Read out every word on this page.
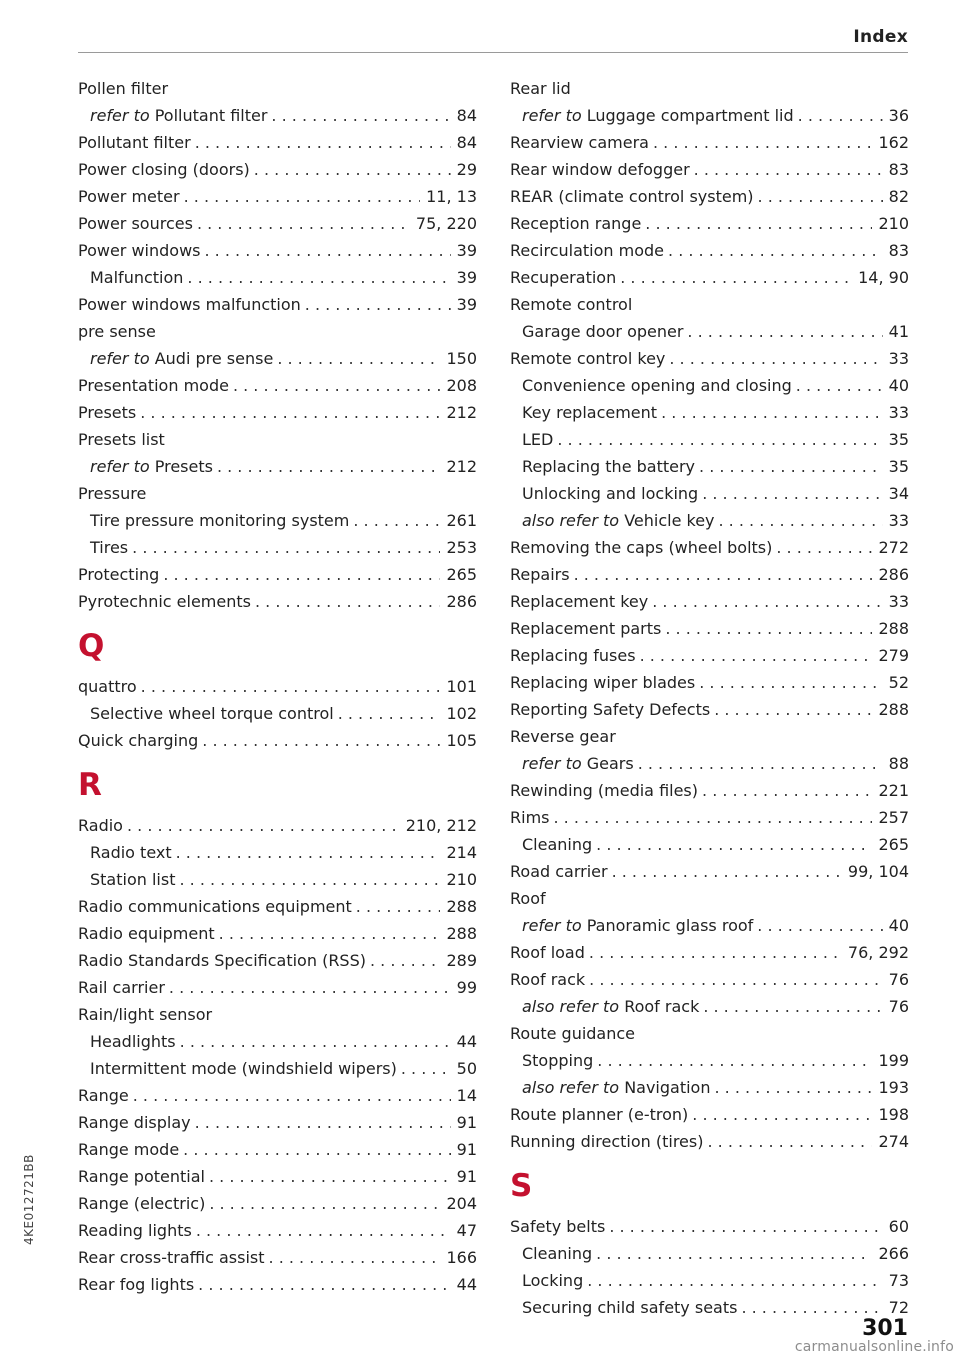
Index
Pollen filter
refer to Pollutant filter . . .	84
Pollutant filter . . .	84
Power closing (doors) . . .	29
Power meter . . .	11, 13
Power sources . . .	75, 220
Power windows . . .	39
Malfunction . . .	39
Power windows malfunction . . .	39
pre sense
refer to Audi pre sense . . .	150
Presentation mode . . .	208
Presets . . .	212
Presets list
refer to Presets . . .	212
Pressure
Tire pressure monitoring system . . .	261
Tires . . .	253
Protecting . . .	265
Pyrotechnic elements . . .	286
Q
quattro . . .	101
Selective wheel torque control . . .	102
Quick charging . . .	105
R
Radio . . .	210, 212
Radio text . . .	214
Station list . . .	210
Radio communications equipment . . .	288
Radio equipment . . .	288
Radio Standards Specification (RSS) . . .	289
Rail carrier . . .	99
Rain/light sensor
Headlights . . .	44
Intermittent mode (windshield wipers) . . .	50
Range . . .	14
Range display . . .	91
Range mode . . .	91
Range potential . . .	91
Range (electric) . . .	204
Reading lights . . .	47
Rear cross-traffic assist . . .	166
Rear fog lights . . .	44
Rear lid
refer to Luggage compartment lid . . .	36
Rearview camera . . .	162
Rear window defogger . . .	83
REAR (climate control system) . . .	82
Reception range . . .	210
Recirculation mode . . .	83
Recuperation . . .	14, 90
Remote control
Garage door opener . . .	41
Remote control key . . .	33
Convenience opening and closing . . .	40
Key replacement . . .	33
LED . . .	35
Replacing the battery . . .	35
Unlocking and locking . . .	34
also refer to Vehicle key . . .	33
Removing the caps (wheel bolts) . . .	272
Repairs . . .	286
Replacement key . . .	33
Replacement parts . . .	288
Replacing fuses . . .	279
Replacing wiper blades . . .	52
Reporting Safety Defects . . .	288
Reverse gear
refer to Gears . . .	88
Rewinding (media files) . . .	221
Rims . . .	257
Cleaning . . .	265
Road carrier . . .	99, 104
Roof
refer to Panoramic glass roof . . .	40
Roof load . . .	76, 292
Roof rack . . .	76
also refer to Roof rack . . .	76
Route guidance
Stopping . . .	199
also refer to Navigation . . .	193
Route planner (e-tron) . . .	198
Running direction (tires) . . .	274
S
Safety belts . . .	60
Cleaning . . .	266
Locking . . .	73
Securing child safety seats . . .	72
4KE012721BB
301
carmanualsonline.info
